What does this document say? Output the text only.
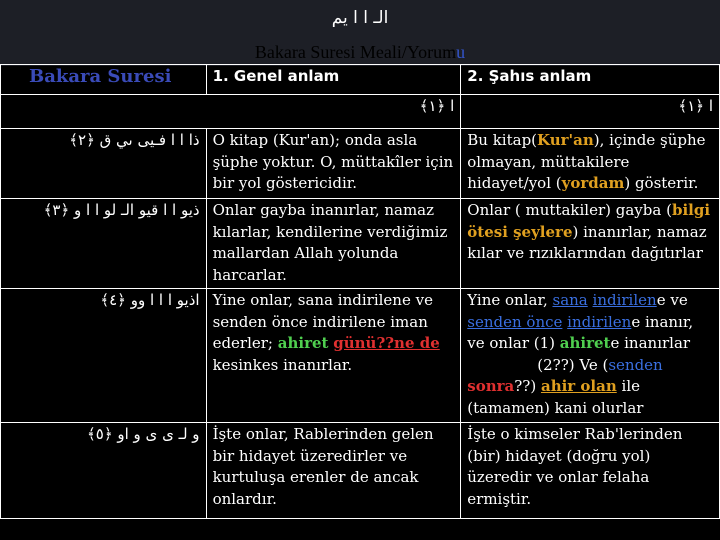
الـ ا ا يم
Bakara Suresi Meali/Yorumu
Bakara Suresi	1. Genel anlam	2. Şahıs anlam
ا ﴿١﴾		ا ﴿١﴾
ذا ا ا فـيى ىي ق ﴿٢﴾	O kitap (Kur'an); onda asla şüphe yoktur. O, müttakîler için bir yol göstericidir.	Bu kitap(Kur'an), içinde şüphe olmayan, müttakilere hidayet/yol (yordam) gösterir.
ذيو ا ا قيو الـ لو ا ا و ﴿٣﴾	Onlar gayba inanırlar, namaz kılarlar, kendilerine verdiğimiz mallardan Allah yolunda harcarlar.	Onlar ( muttakiler) gayba (bilgi ötesi şeylere) inanırlar, namaz kılar ve rızıklarından dağıtırlar
اذيو ا ا ا وو ﴿٤﴾	Yine onlar, sana indirilene ve senden önce indirilene iman ederler; ahiret günü??ne de kesinkes inanırlar.	Yine onlar, sana indirilene ve senden önce indirilene inanır, ve onlar (1) ahirete inanırlar
(2??) Ve (senden
sonra??) ahir olan ile (tamamen) kani olurlar
و لـ ى ى و او ﴿٥﴾	İşte onlar, Rablerinden gelen bir hidayet üzeredirler ve kurtuluşa erenler de ancak onlardır.	İşte o kimseler Rab'lerinden (bir) hidayet (doğru yol) üzeredir ve onlar felaha ermiştir.
